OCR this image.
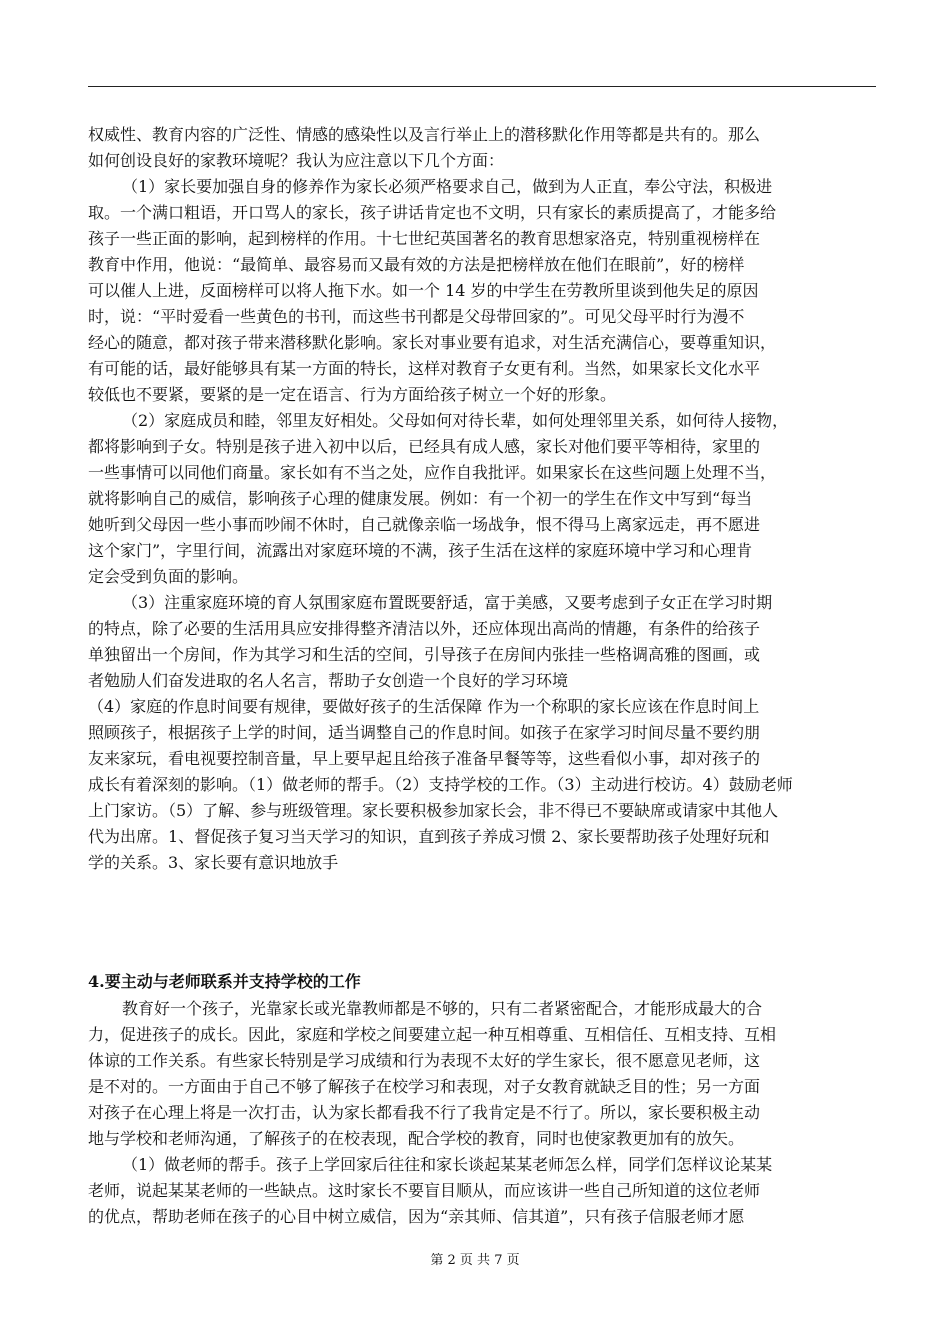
权威性、教育内容的广泛性、情感的感染性以及言行举止上的潜移默化作用等都是共有的。那么
如何创设良好的家教环境呢？我认为应注意以下几个方面：
（1）家长要加强自身的修养作为家长必须严格要求自己，做到为人正直，奉公守法，积极进
取。一个满口粗语，开口骂人的家长，孩子讲话肯定也不文明，只有家长的素质提高了，才能多给
孩子一些正面的影响，起到榜样的作用。十七世纪英国著名的教育思想家洛克，特别重视榜样在
教育中作用，他说：“最简单、最容易而又最有效的方法是把榜样放在他们在眼前”，好的榜样
可以催人上进，反面榜样可以将人拖下水。如一个 14 岁的中学生在劳教所里谈到他失足的原因
时，说：“平时爱看一些黄色的书刊，而这些书刊都是父母带回家的”。可见父母平时行为漫不
经心的随意，都对孩子带来潜移默化影响。家长对事业要有追求，对生活充满信心，要尊重知识，
有可能的话，最好能够具有某一方面的特长，这样对教育子女更有利。当然，如果家长文化水平
较低也不要紧，要紧的是一定在语言、行为方面给孩子树立一个好的形象。
（2）家庭成员和睦，邻里友好相处。父母如何对待长辈，如何处理邻里关系，如何待人接物，
都将影响到子女。特别是孩子进入初中以后，已经具有成人感，家长对他们要平等相待，家里的
一些事情可以同他们商量。家长如有不当之处，应作自我批评。如果家长在这些问题上处理不当，
就将影响自己的威信，影响孩子心理的健康发展。例如：有一个初一的学生在作文中写到“每当
她听到父母因一些小事而吵闹不休时，自己就像亲临一场战争，恨不得马上离家远走，再不愿进
这个家门”，字里行间，流露出对家庭环境的不满，孩子生活在这样的家庭环境中学习和心理肯
定会受到负面的影响。
（3）注重家庭环境的育人氛围家庭布置既要舒适，富于美感，又要考虑到子女正在学习时期
的特点，除了必要的生活用具应安排得整齐清洁以外，还应体现出高尚的情趣，有条件的给孩子
单独留出一个房间，作为其学习和生活的空间，引导孩子在房间内张挂一些格调高雅的图画，或
者勉励人们奋发进取的名人名言，帮助子女创造一个良好的学习环境
（4）家庭的作息时间要有规律，要做好孩子的生活保障 作为一个称职的家长应该在作息时间上
照顾孩子，根据孩子上学的时间，适当调整自己的作息时间。如孩子在家学习时间尽量不要约朋
友来家玩，看电视要控制音量，早上要早起且给孩子准备早餐等等，这些看似小事，却对孩子的
成长有着深刻的影响。（1）做老师的帮手。（2）支持学校的工作。（3）主动进行校访。4）鼓励老师
上门家访。（5）了解、参与班级管理。家长要积极参加家长会，非不得已不要缺席或请家中其他人
代为出席。1、督促孩子复习当天学习的知识，直到孩子养成习惯 2、家长要帮助孩子处理好玩和
学的关系。3、家长要有意识地放手
4.要主动与老师联系并支持学校的工作
教育好一个孩子，光靠家长或光靠教师都是不够的，只有二者紧密配合，才能形成最大的合
力，促进孩子的成长。因此，家庭和学校之间要建立起一种互相尊重、互相信任、互相支持、互相
体谅的工作关系。有些家长特别是学习成绩和行为表现不太好的学生家长，很不愿意见老师，这
是不对的。一方面由于自己不够了解孩子在校学习和表现，对子女教育就缺乏目的性；另一方面
对孩子在心理上将是一次打击，认为家长都看我不行了我肯定是不行了。所以，家长要积极主动
地与学校和老师沟通，了解孩子的在校表现，配合学校的教育，同时也使家教更加有的放矢。
（1）做老师的帮手。孩子上学回家后往往和家长谈起某某老师怎么样，同学们怎样议论某某
老师，说起某某老师的一些缺点。这时家长不要盲目顺从，而应该讲一些自己所知道的这位老师
的优点，帮助老师在孩子的心目中树立威信，因为“亲其师、信其道”，只有孩子信服老师才愿
第 2 页 共 7 页
